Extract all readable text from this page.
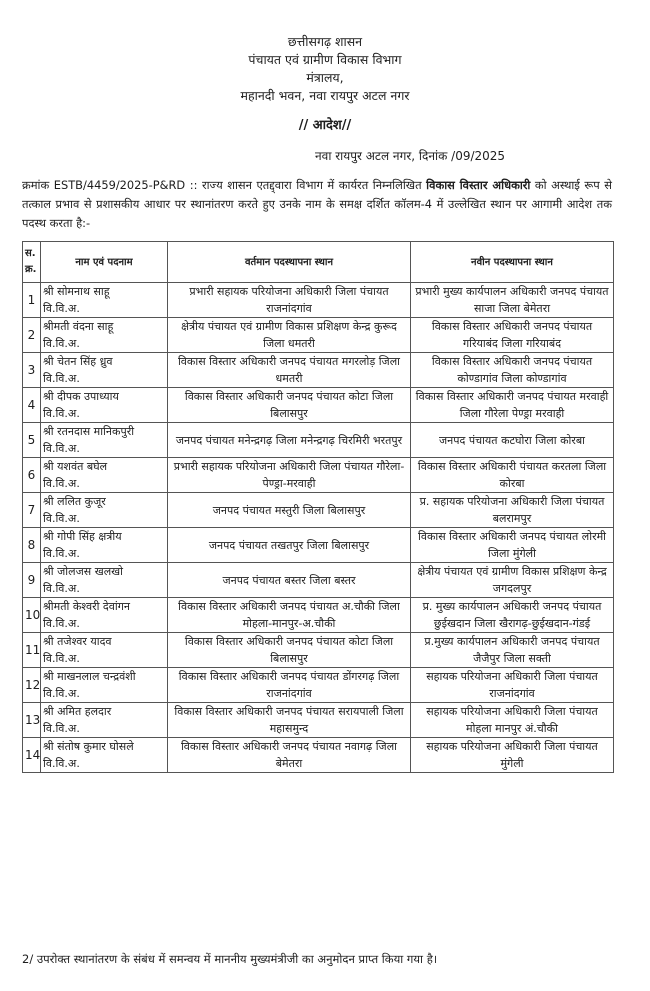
छत्तीसगढ़ शासन
पंचायत एवं ग्रामीण विकास विभाग
मंत्रालय,
महानदी भवन, नवा रायपुर अटल नगर
// आदेश//
नवा रायपुर अटल नगर, दिनांक /09/2025
क्रमांक ESTB/4459/2025-P&RD :: राज्य शासन एतद्द्वारा विभाग में कार्यरत निम्नलिखित विकास विस्तार अधिकारी को अस्थाई रूप से तत्काल प्रभाव से प्रशासकीय आधार पर स्थानांतरण करते हुए उनके नाम के समक्ष दर्शित कॉलम-4 में उल्लेखित स्थान पर आगामी आदेश तक पदस्थ करता है:-
स. क्र.	नाम एवं पदनाम	वर्तमान पदस्थापना स्थान	नवीन पदस्थापना स्थान
1	श्री सोमनाथ साहू
वि.वि.अ.	प्रभारी सहायक परियोजना अधिकारी जिला पंचायत राजनांदगांव	प्रभारी मुख्य कार्यपालन अधिकारी जनपद पंचायत साजा जिला बेमेतरा
2	श्रीमती वंदना साहू
वि.वि.अ.	क्षेत्रीय पंचायत एवं ग्रामीण विकास प्रशिक्षण केन्द्र कुरूद जिला धमतरी	विकास विस्तार अधिकारी जनपद पंचायत गरियाबंद जिला गरियाबंद
3	श्री चेतन सिंह ध्रुव
वि.वि.अ.	विकास विस्तार अधिकारी जनपद पंचायत मगरलोड़ जिला धमतरी	विकास विस्तार अधिकारी जनपद पंचायत कोण्डागांव जिला कोण्डागांव
4	श्री दीपक उपाध्याय
वि.वि.अ.	विकास विस्तार अधिकारी जनपद पंचायत कोटा जिला बिलासपुर	विकास विस्तार अधिकारी जनपद पंचायत मरवाही जिला गौरेला पेण्ड्रा मरवाही
5	श्री रतनदास मानिकपुरी
वि.वि.अ.	जनपद पंचायत मनेन्द्रगढ़ जिला मनेन्द्रगढ़ चिरमिरी भरतपुर	जनपद पंचायत कटघोरा जिला कोरबा
6	श्री यशवंत बघेल
वि.वि.अ.	प्रभारी सहायक परियोजना अधिकारी जिला पंचायत गौरेला-पेण्ड्रा-मरवाही	विकास विस्तार अधिकारी पंचायत करतला जिला कोरबा
7	श्री ललित कुजूर
वि.वि.अ.	जनपद पंचायत मस्तुरी जिला बिलासपुर	प्र. सहायक परियोजना अधिकारी जिला पंचायत बलरामपुर
8	श्री गोपी सिंह क्षत्रीय
वि.वि.अ.	जनपद पंचायत तखतपुर जिला बिलासपुर	विकास विस्तार अधिकारी जनपद पंचायत लोरमी जिला मुंगेली
9	श्री जोलजस खलखो
वि.वि.अ.	जनपद पंचायत बस्तर जिला बस्तर	क्षेत्रीय पंचायत एवं ग्रामीण विकास प्रशिक्षण केन्द्र जगदलपुर
10	श्रीमती केश्वरी देवांगन
वि.वि.अ.	विकास विस्तार अधिकारी जनपद पंचायत अ.चौकी जिला मोहला-मानपुर-अ.चौकी	प्र. मुख्य कार्यपालन अधिकारी जनपद पंचायत छुईखदान जिला खैरागढ़-छुईखदान-गंडई
11	श्री तजेश्वर यादव
वि.वि.अ.	विकास विस्तार अधिकारी जनपद पंचायत कोटा जिला बिलासपुर	प्र.मुख्य कार्यपालन अधिकारी जनपद पंचायत जैजैपुर जिला सक्ती
12	श्री माखनलाल चन्द्रवंशी
वि.वि.अ.	विकास विस्तार अधिकारी जनपद पंचायत डोंगरगढ़ जिला राजनांदगांव	सहायक परियोजना अधिकारी जिला पंचायत राजनांदगांव
13	श्री अमित हलदार
वि.वि.अ.	विकास विस्तार अधिकारी जनपद पंचायत सरायपाली जिला महासमुन्द	सहायक परियोजना अधिकारी जिला पंचायत मोहला मानपुर अं.चौकी
14	श्री संतोष कुमार घोसले
वि.वि.अ.	विकास विस्तार अधिकारी जनपद पंचायत नवागढ़ जिला बेमेतरा	सहायक परियोजना अधिकारी जिला पंचायत मुंगेली
2/ उपरोक्त स्थानांतरण के संबंध में समन्वय में माननीय मुख्यमंत्रीजी का अनुमोदन प्राप्त किया गया है।
